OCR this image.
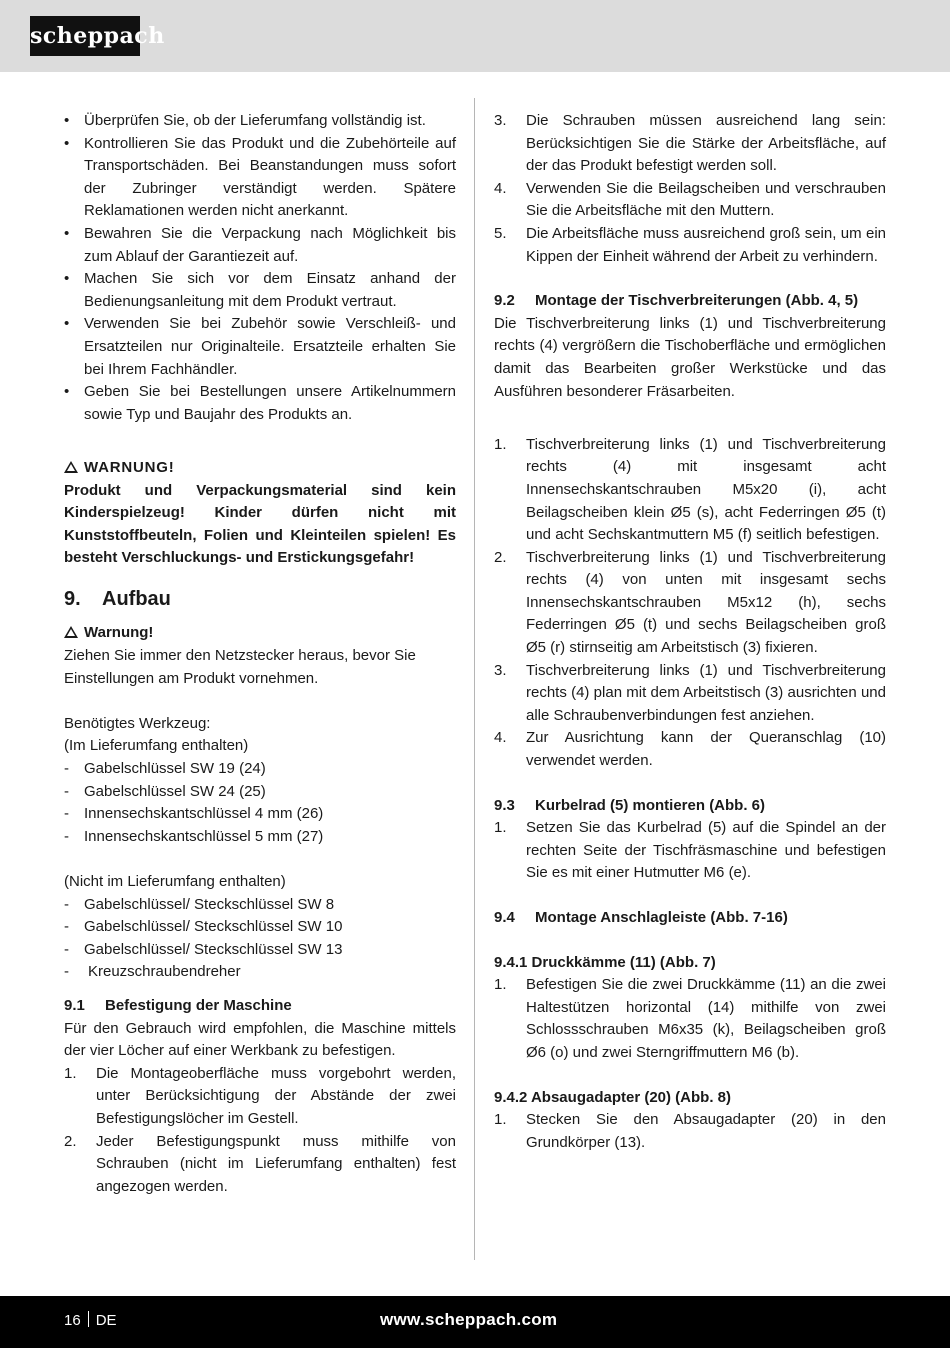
scheppach
• Überprüfen Sie, ob der Lieferumfang vollständig ist.
• Kontrollieren Sie das Produkt und die Zubehörteile auf Transportschäden. Bei Beanstandungen muss sofort der Zubringer verständigt werden. Spätere Reklamationen werden nicht anerkannt.
• Bewahren Sie die Verpackung nach Möglichkeit bis zum Ablauf der Garantiezeit auf.
• Machen Sie sich vor dem Einsatz anhand der Bedienungsanleitung mit dem Produkt vertraut.
• Verwenden Sie bei Zubehör sowie Verschleiß- und Ersatzteilen nur Originalteile. Ersatzteile erhalten Sie bei Ihrem Fachhändler.
• Geben Sie bei Bestellungen unsere Artikelnummern sowie Typ und Baujahr des Produkts an.
WARNUNG!
Produkt und Verpackungsmaterial sind kein Kinderspielzeug! Kinder dürfen nicht mit Kunststoffbeuteln, Folien und Kleinteilen spielen! Es besteht Verschluckungs- und Erstickungsgefahr!
9. Aufbau
Warnung!
Ziehen Sie immer den Netzstecker heraus, bevor Sie Einstellungen am Produkt vornehmen.
Benötigtes Werkzeug:
(Im Lieferumfang enthalten)
- Gabelschlüssel SW 19 (24)
- Gabelschlüssel SW 24 (25)
- Innensechskantschlüssel 4 mm (26)
- Innensechskantschlüssel 5 mm (27)
(Nicht im Lieferumfang enthalten)
- Gabelschlüssel/ Steckschlüssel SW 8
- Gabelschlüssel/ Steckschlüssel SW 10
- Gabelschlüssel/ Steckschlüssel SW 13
- Kreuzschraubendreher
9.1 Befestigung der Maschine
Für den Gebrauch wird empfohlen, die Maschine mittels der vier Löcher auf einer Werkbank zu befestigen.
1. Die Montageoberfläche muss vorgebohrt werden, unter Berücksichtigung der Abstände der zwei Befestigungslöcher im Gestell.
2. Jeder Befestigungspunkt muss mithilfe von Schrauben (nicht im Lieferumfang enthalten) fest angezogen werden.
3. Die Schrauben müssen ausreichend lang sein: Berücksichtigen Sie die Stärke der Arbeitsfläche, auf der das Produkt befestigt werden soll.
4. Verwenden Sie die Beilagscheiben und verschrauben Sie die Arbeitsfläche mit den Muttern.
5. Die Arbeitsfläche muss ausreichend groß sein, um ein Kippen der Einheit während der Arbeit zu verhindern.
9.2 Montage der Tischverbreiterungen (Abb. 4, 5)
Die Tischverbreiterung links (1) und Tischverbreiterung rechts (4) vergrößern die Tischoberfläche und ermöglichen damit das Bearbeiten großer Werkstücke und das Ausführen besonderer Fräsarbeiten.
1. Tischverbreiterung links (1) und Tischverbreiterung rechts (4) mit insgesamt acht Innensechskantschrauben M5x20 (i), acht Beilagscheiben klein Ø5 (s), acht Federringen Ø5 (t) und acht Sechskantmuttern M5 (f) seitlich befestigen.
2. Tischverbreiterung links (1) und Tischverbreiterung rechts (4) von unten mit insgesamt sechs Innensechskantschrauben M5x12 (h), sechs Federringen Ø5 (t) und sechs Beilagscheiben groß Ø5 (r) stirnseitig am Arbeitstisch (3) fixieren.
3. Tischverbreiterung links (1) und Tischverbreiterung rechts (4) plan mit dem Arbeitstisch (3) ausrichten und alle Schraubenverbindungen fest anziehen.
4. Zur Ausrichtung kann der Queranschlag (10) verwendet werden.
9.3 Kurbelrad (5) montieren (Abb. 6)
1. Setzen Sie das Kurbelrad (5) auf die Spindel an der rechten Seite der Tischfräsmaschine und befestigen Sie es mit einer Hutmutter M6 (e).
9.4 Montage Anschlagleiste (Abb. 7-16)
9.4.1 Druckkämme (11) (Abb. 7)
1. Befestigen Sie die zwei Druckkämme (11) an die zwei Haltestützen horizontal (14) mithilfe von zwei Schlossschrauben M6x35 (k), Beilagscheiben groß Ø6 (o) und zwei Sterngriffmuttern M6 (b).
9.4.2 Absaugadapter (20) (Abb. 8)
1. Stecken Sie den Absaugadapter (20) in den Grundkörper (13).
16 DE	www.scheppach.com
